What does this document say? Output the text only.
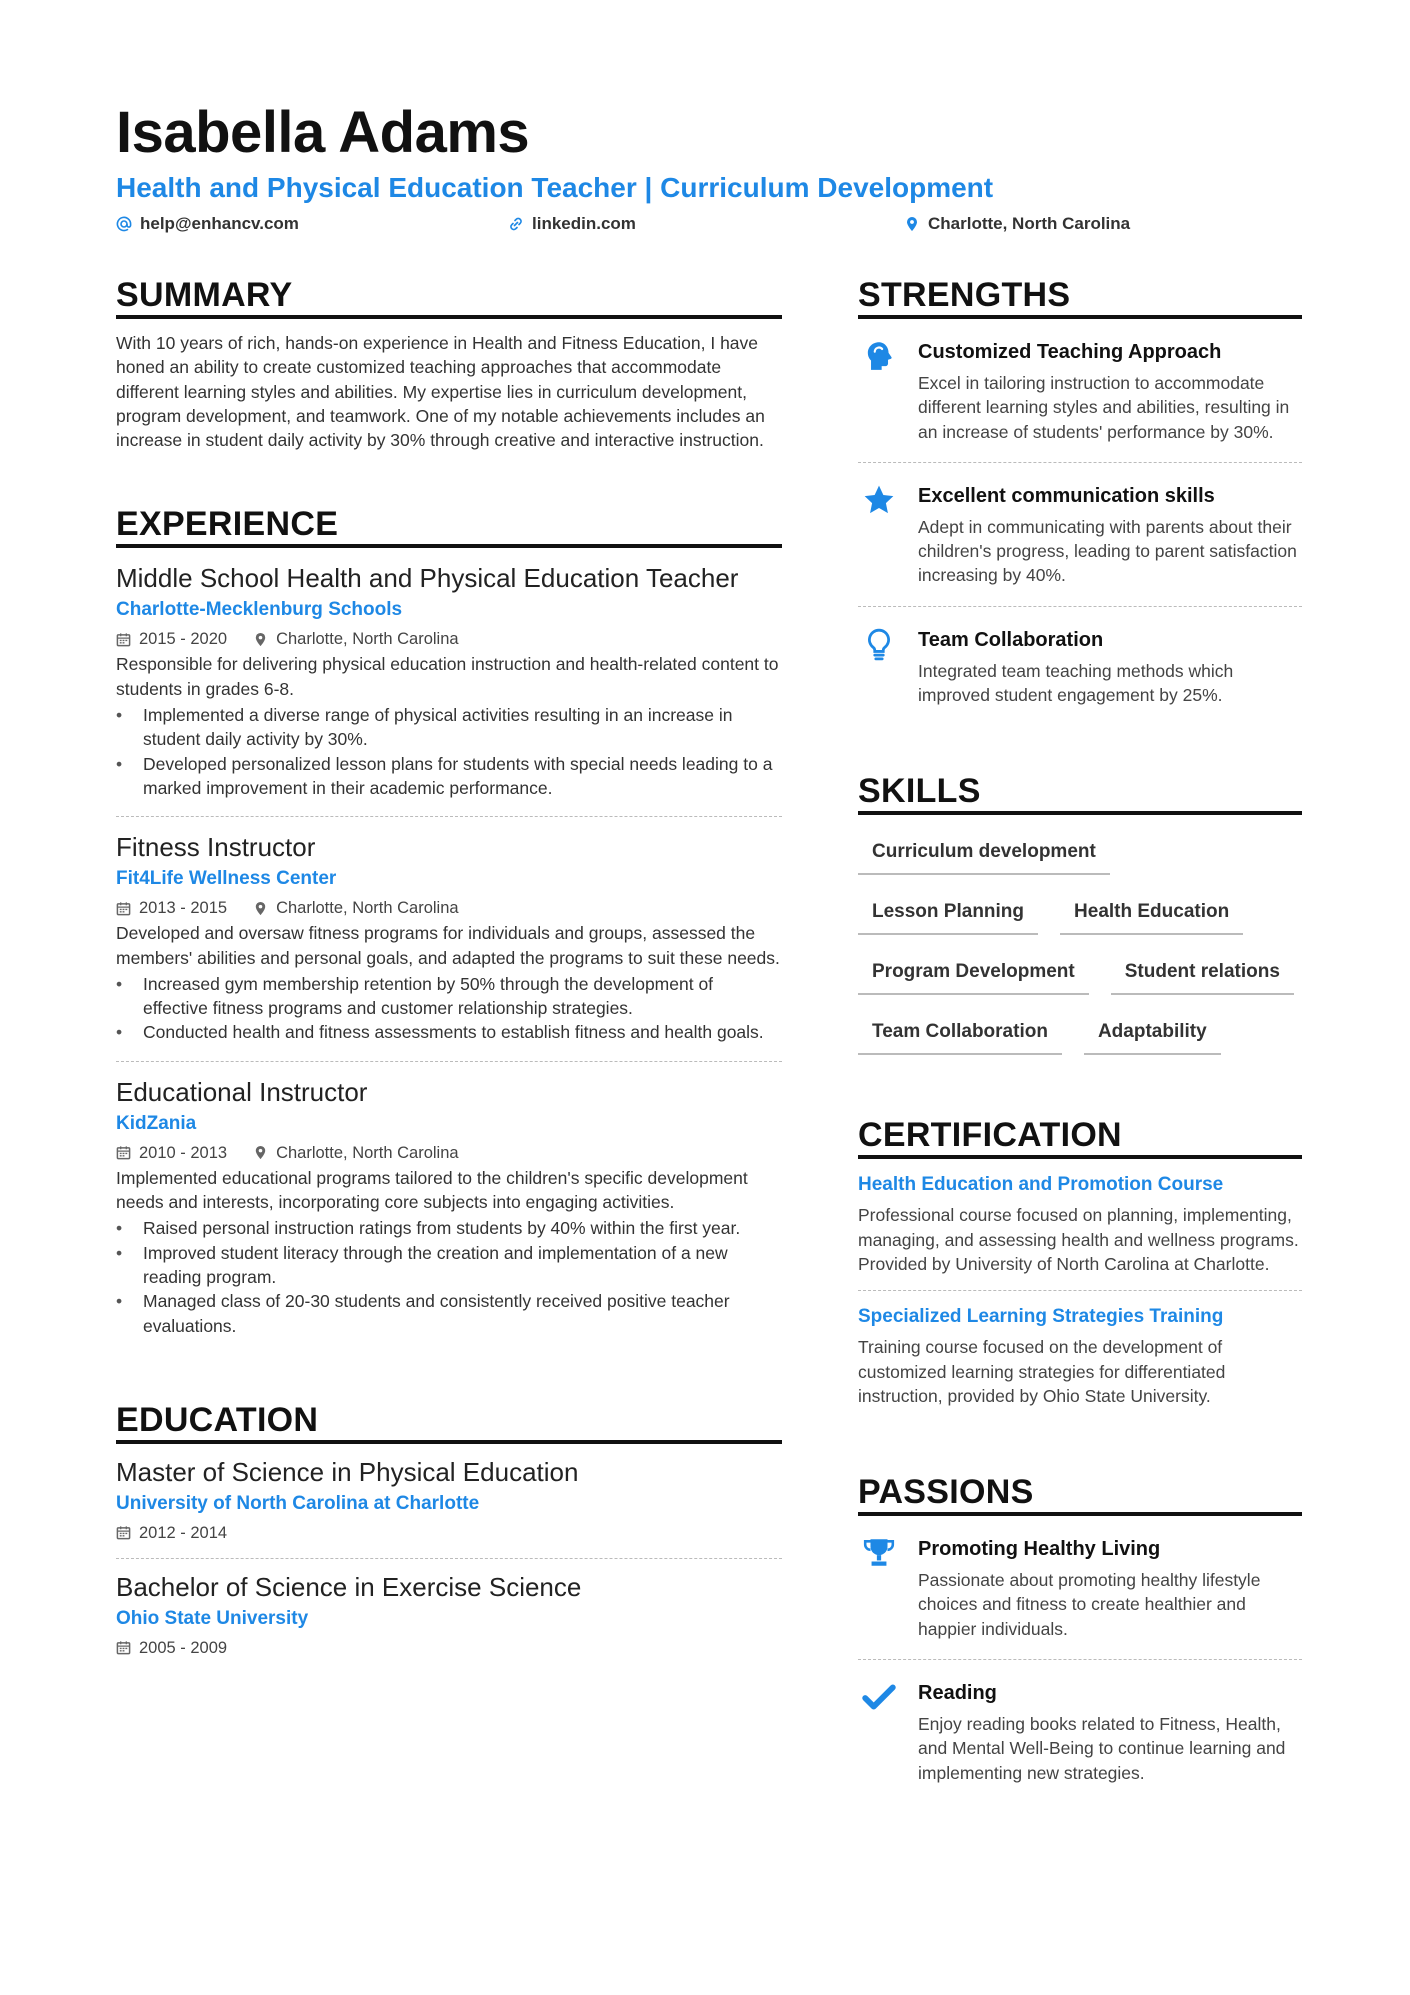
Isabella Adams
Health and Physical Education Teacher | Curriculum Development
help@enhancv.com	linkedin.com	Charlotte, North Carolina
SUMMARY
With 10 years of rich, hands-on experience in Health and Fitness Education, I have honed an ability to create customized teaching approaches that accommodate different learning styles and abilities. My expertise lies in curriculum development, program development, and teamwork. One of my notable achievements includes an increase in student daily activity by 30% through creative and interactive instruction.
EXPERIENCE
Middle School Health and Physical Education Teacher
Charlotte-Mecklenburg Schools
2015 - 2020	Charlotte, North Carolina
Responsible for delivering physical education instruction and health-related content to students in grades 6-8.
• Implemented a diverse range of physical activities resulting in an increase in student daily activity by 30%.
• Developed personalized lesson plans for students with special needs leading to a marked improvement in their academic performance.
Fitness Instructor
Fit4Life Wellness Center
2013 - 2015	Charlotte, North Carolina
Developed and oversaw fitness programs for individuals and groups, assessed the members' abilities and personal goals, and adapted the programs to suit these needs.
• Increased gym membership retention by 50% through the development of effective fitness programs and customer relationship strategies.
• Conducted health and fitness assessments to establish fitness and health goals.
Educational Instructor
KidZania
2010 - 2013	Charlotte, North Carolina
Implemented educational programs tailored to the children's specific development needs and interests, incorporating core subjects into engaging activities.
• Raised personal instruction ratings from students by 40% within the first year.
• Improved student literacy through the creation and implementation of a new reading program.
• Managed class of 20-30 students and consistently received positive teacher evaluations.
EDUCATION
Master of Science in Physical Education
University of North Carolina at Charlotte
2012 - 2014
Bachelor of Science in Exercise Science
Ohio State University
2005 - 2009
STRENGTHS
Customized Teaching Approach
Excel in tailoring instruction to accommodate different learning styles and abilities, resulting in an increase of students' performance by 30%.
Excellent communication skills
Adept in communicating with parents about their children's progress, leading to parent satisfaction increasing by 40%.
Team Collaboration
Integrated team teaching methods which improved student engagement by 25%.
SKILLS
Curriculum development
Lesson Planning	Health Education
Program Development	Student relations
Team Collaboration	Adaptability
CERTIFICATION
Health Education and Promotion Course
Professional course focused on planning, implementing, managing, and assessing health and wellness programs. Provided by University of North Carolina at Charlotte.
Specialized Learning Strategies Training
Training course focused on the development of customized learning strategies for differentiated instruction, provided by Ohio State University.
PASSIONS
Promoting Healthy Living
Passionate about promoting healthy lifestyle choices and fitness to create healthier and happier individuals.
Reading
Enjoy reading books related to Fitness, Health, and Mental Well-Being to continue learning and implementing new strategies.
